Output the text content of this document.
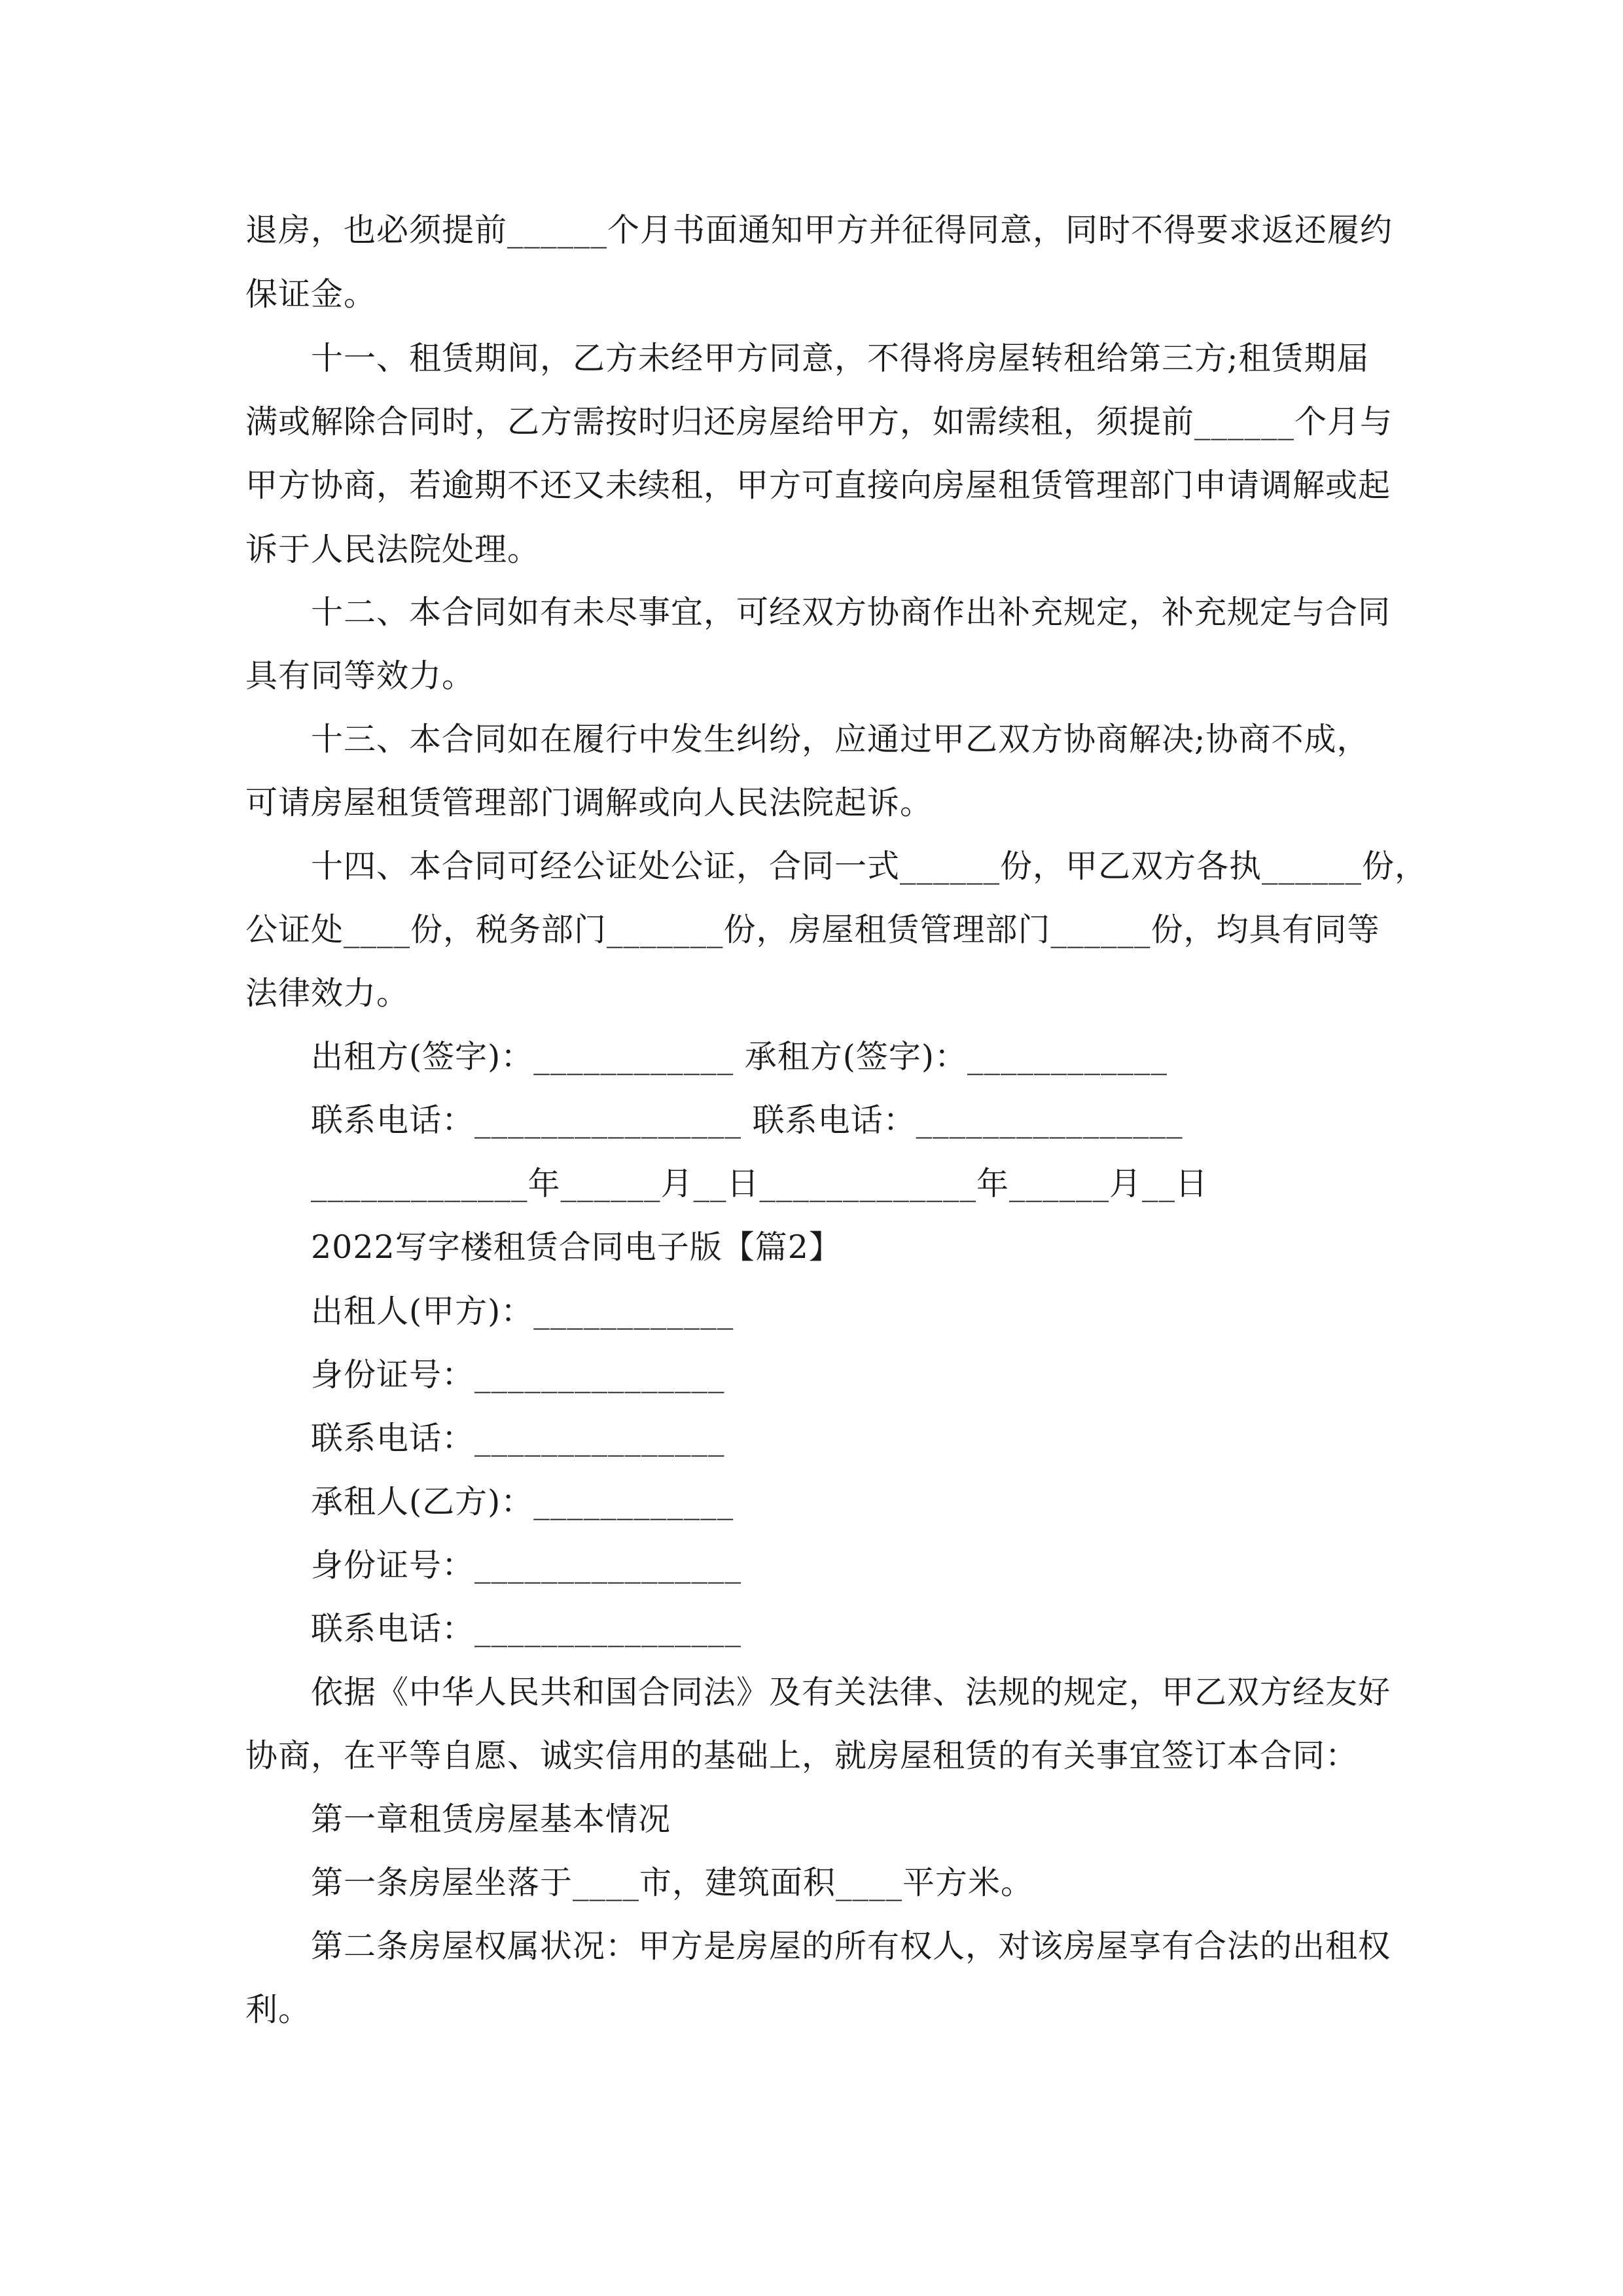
退房，也必须提前______个月书面通知甲方并征得同意，同时不得要求返还履约
保证金。
十一、租赁期间，乙方未经甲方同意，不得将房屋转租给第三方;租赁期届
满或解除合同时，乙方需按时归还房屋给甲方，如需续租，须提前______个月与
甲方协商，若逾期不还又未续租，甲方可直接向房屋租赁管理部门申请调解或起
诉于人民法院处理。
十二、本合同如有未尽事宜，可经双方协商作出补充规定，补充规定与合同
具有同等效力。
十三、本合同如在履行中发生纠纷，应通过甲乙双方协商解决;协商不成，
可请房屋租赁管理部门调解或向人民法院起诉。
十四、本合同可经公证处公证，合同一式______份，甲乙双方各执______份，
公证处____份，税务部门_______份，房屋租赁管理部门______份，均具有同等
法律效力。
出租方(签字)：____________ 承租方(签字)：____________
联系电话：________________ 联系电话：________________
_____________年______月__日_____________年______月__日
2022写字楼租赁合同电子版【篇2】
出租人(甲方)：____________
身份证号：_______________
联系电话：_______________
承租人(乙方)：____________
身份证号：________________
联系电话：________________
依据《中华人民共和国合同法》及有关法律、法规的规定，甲乙双方经友好
协商，在平等自愿、诚实信用的基础上，就房屋租赁的有关事宜签订本合同：
第一章租赁房屋基本情况
第一条房屋坐落于____市，建筑面积____平方米。
第二条房屋权属状况：甲方是房屋的所有权人，对该房屋享有合法的出租权
利。
